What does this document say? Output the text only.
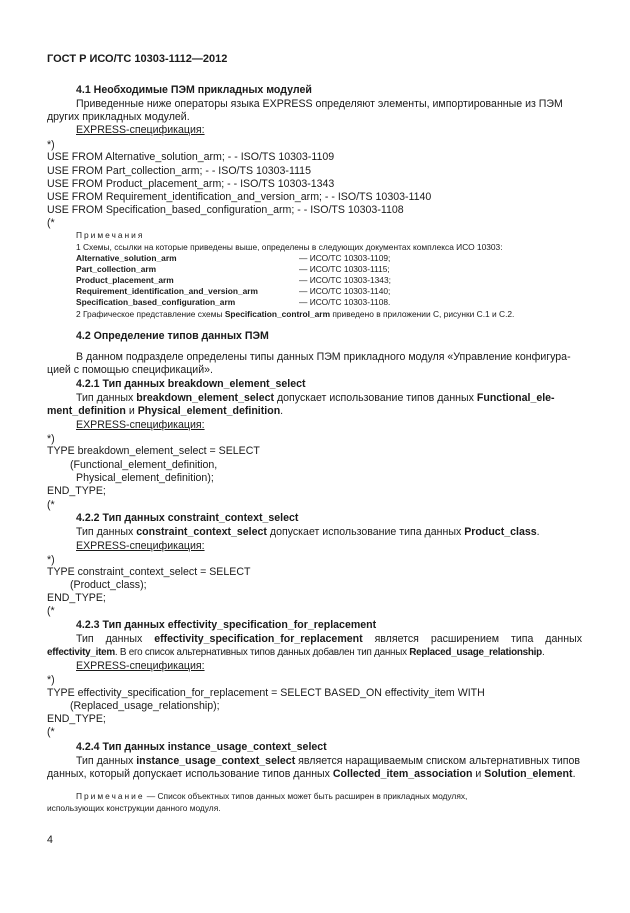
ГОСТ Р ИСО/ТС 10303-1112—2012
4.1 Необходимые ПЭМ прикладных модулей
Приведенные ниже операторы языка EXPRESS определяют элементы, импортированные из ПЭМ
других прикладных модулей.
EXPRESS-спецификация:
*)
USE FROM Alternative_solution_arm; - - ISO/TS 10303-1109
USE FROM Part_collection_arm; - - ISO/TS 10303-1115
USE FROM Product_placement_arm; - - ISO/TS 10303-1343
USE FROM Requirement_identification_and_version_arm; - - ISO/TS 10303-1140
USE FROM Specification_based_configuration_arm; - - ISO/TS 10303-1108
(*
Примечания
1 Схемы, ссылки на которые приведены выше, определены в следующих документах комплекса ИСО 10303:
Alternative_solution_arm	— ИСО/ТС 10303-1109;
Part_collection_arm	— ИСО/ТС 10303-1115;
Product_placement_arm	— ИСО/ТС 10303-1343;
Requirement_identification_and_version_arm	— ИСО/ТС 10303-1140;
Specification_based_configuration_arm	— ИСО/ТС 10303-1108.
2 Графическое представление схемы Specification_control_arm приведено в приложении С, рисунки С.1 и С.2.
4.2 Определение типов данных ПЭМ
В данном подразделе определены типы данных ПЭМ прикладного модуля «Управление конфигура-
цией с помощью спецификаций».
4.2.1 Тип данных breakdown_element_select
Тип данных breakdown_element_select допускает использование типов данных Functional_ele-
ment_definition и Physical_element_definition.
EXPRESS-спецификация:
*)
TYPE breakdown_element_select = SELECT
(Functional_element_definition,
Physical_element_definition);
END_TYPE;
(*
4.2.2 Тип данных constraint_context_select
Тип данных constraint_context_select допускает использование типа данных Product_class.
EXPRESS-спецификация:
*)
TYPE constraint_context_select = SELECT
(Product_class);
END_TYPE;
(*
4.2.3 Тип данных effectivity_specification_for_replacement
Тип данных effectivity_specification_for_replacement является расширением типа данных
effectivity_item. В его список альтернативных типов данных добавлен тип данных Replaced_usage_relationship.
EXPRESS-спецификация:
*)
TYPE effectivity_specification_for_replacement = SELECT BASED_ON effectivity_item WITH
(Replaced_usage_relationship);
END_TYPE;
(*
4.2.4 Тип данных instance_usage_context_select
Тип данных instance_usage_context_select является наращиваемым списком альтернативных типов
данных, который допускает использование типов данных Collected_item_association и Solution_element.
Примечание — Список объектных типов данных может быть расширен в прикладных модулях,
использующих конструкции данного модуля.
4
